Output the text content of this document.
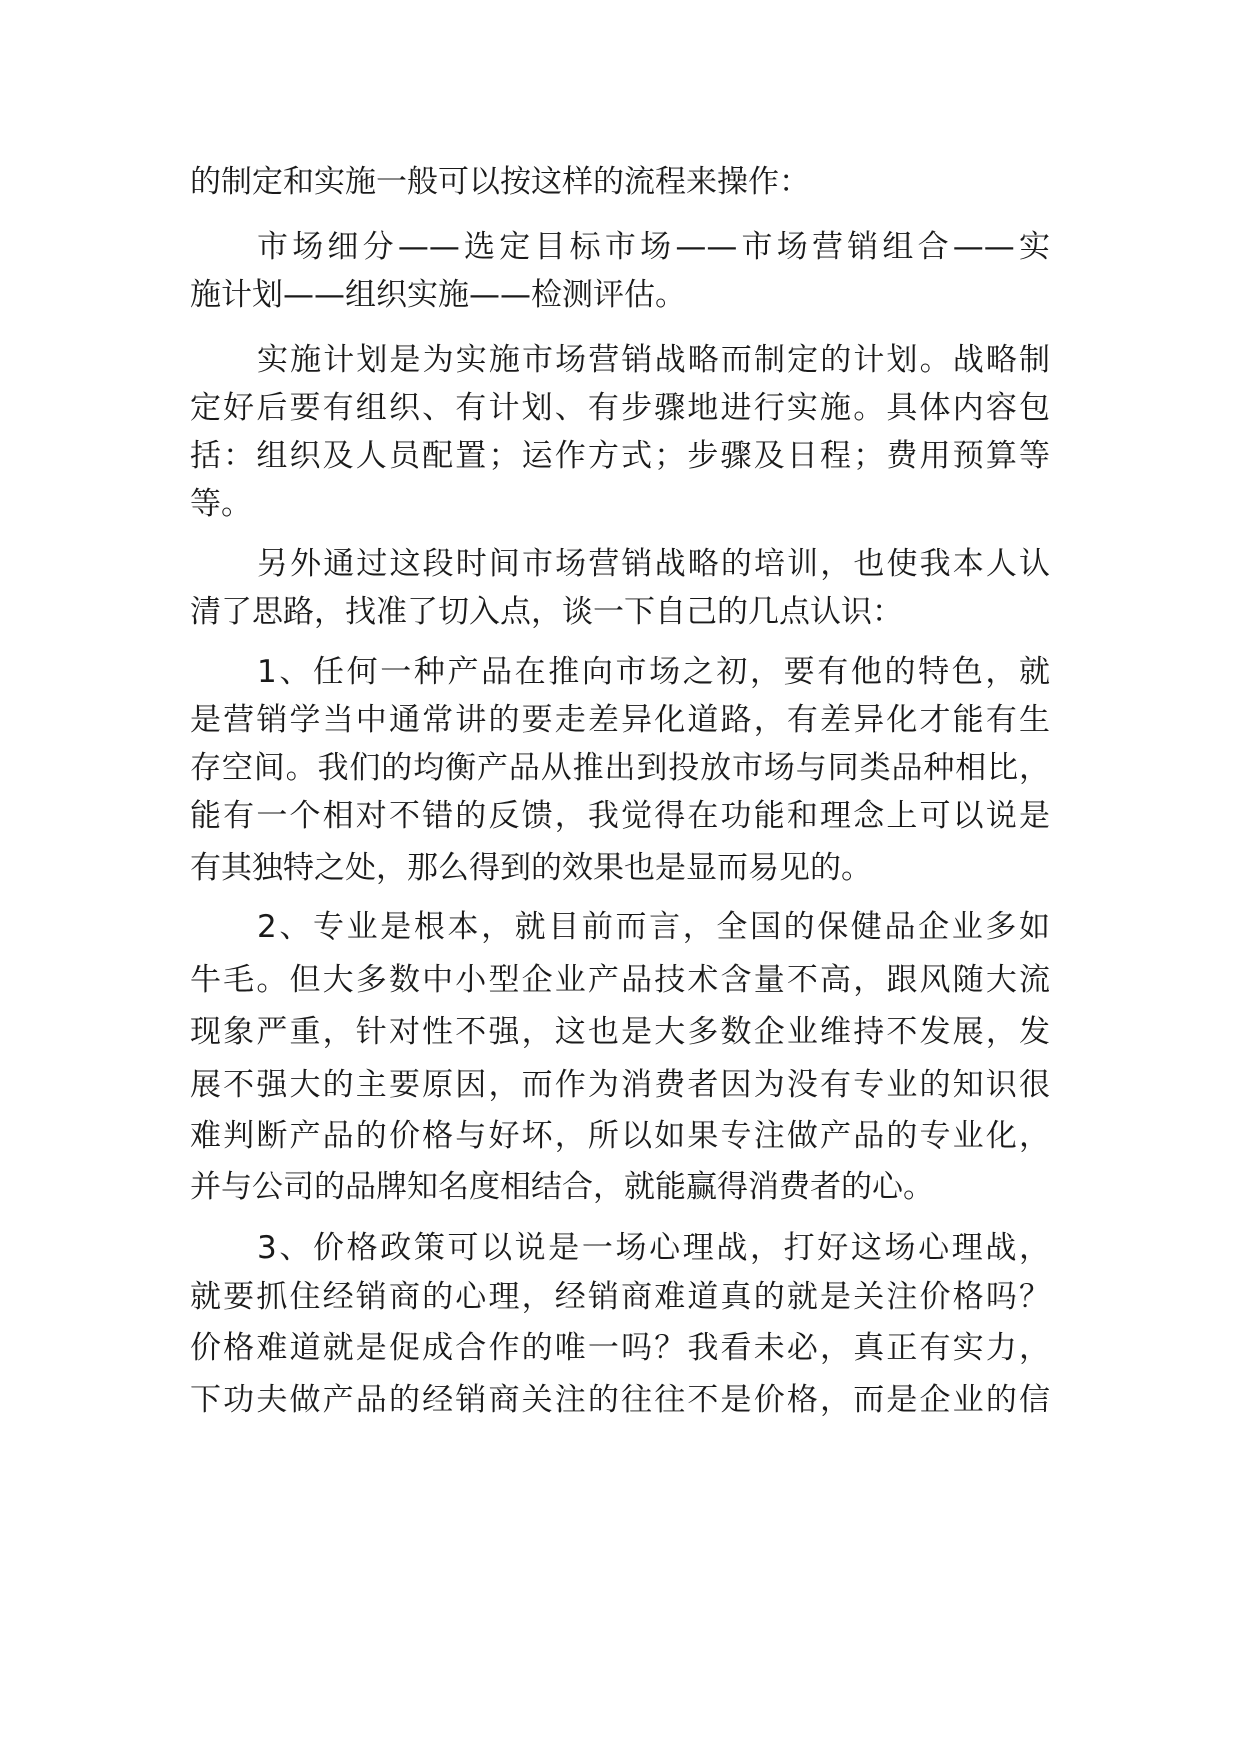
的制定和实施一般可以按这样的流程来操作：

市场细分——选定目标市场——市场营销组合——实

施计划——组织实施——检测评估。

实施计划是为实施市场营销战略而制定的计划。战略制

定好后要有组织、有计划、有步骤地进行实施。具体内容包

括：组织及人员配置；运作方式；步骤及日程；费用预算等

等。

另外通过这段时间市场营销战略的培训，也使我本人认

清了思路，找准了切入点，谈一下自己的几点认识：

1、任何一种产品在推向市场之初，要有他的特色，就

是营销学当中通常讲的要走差异化道路，有差异化才能有生

存空间。我们的均衡产品从推出到投放市场与同类品种相比，

能有一个相对不错的反馈，我觉得在功能和理念上可以说是

有其独特之处，那么得到的效果也是显而易见的。

2、专业是根本，就目前而言，全国的保健品企业多如

牛毛。但大多数中小型企业产品技术含量不高，跟风随大流

现象严重，针对性不强，这也是大多数企业维持不发展，发

展不强大的主要原因，而作为消费者因为没有专业的知识很

难判断产品的价格与好坏，所以如果专注做产品的专业化，

并与公司的品牌知名度相结合，就能赢得消费者的心。

3、价格政策可以说是一场心理战，打好这场心理战，

就要抓住经销商的心理，经销商难道真的就是关注价格吗？

价格难道就是促成合作的唯一吗？我看未必，真正有实力，

下功夫做产品的经销商关注的往往不是价格，而是企业的信
